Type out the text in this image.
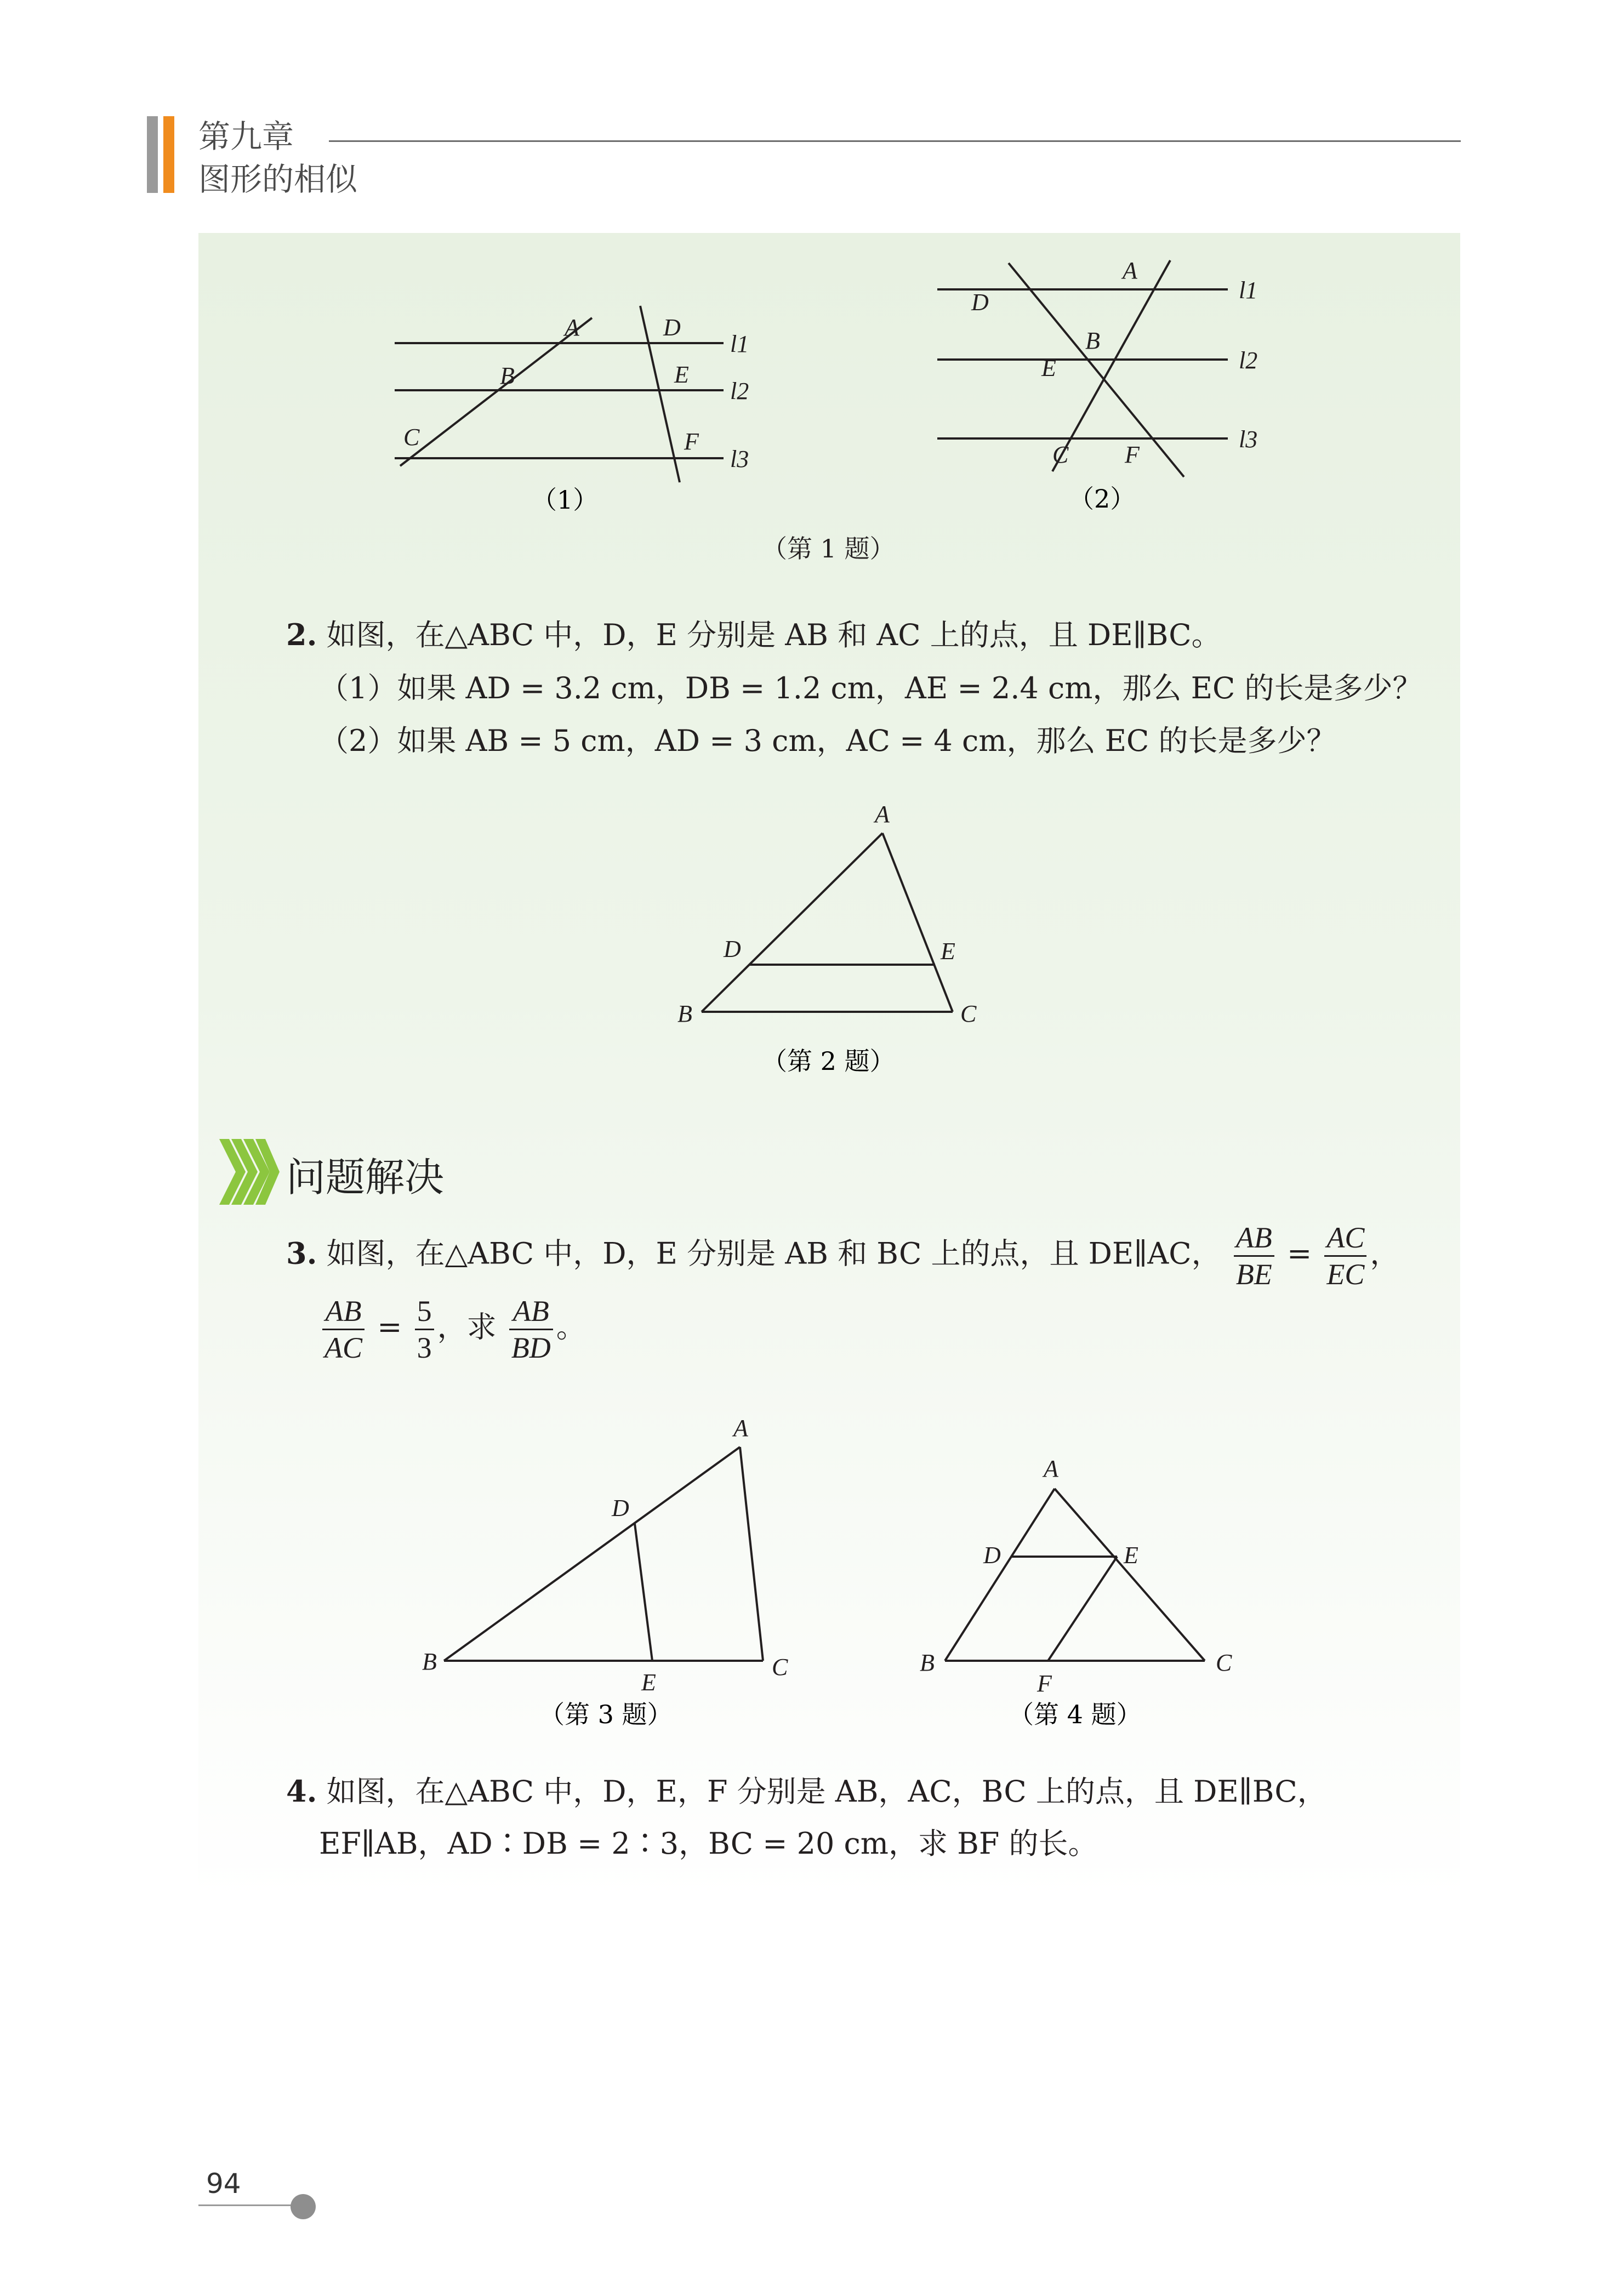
第九章
图形的相似
A
B
C
D
E
F
l1
l2
l3
（1）
A
B
C
D
E
F
l1
l2
l3
（2）
（第 1 题）
2. 如图，在△ABC 中，D，E 分别是 AB 和 AC 上的点，且 DE∥BC。
（1）如果 AD = 3.2 cm，DB = 1.2 cm，AE = 2.4 cm，那么 EC 的长是多少？
（2）如果 AB = 5 cm，AD = 3 cm，AC = 4 cm，那么 EC 的长是多少？
A
B	C
D	E
（第 2 题）
问题解决
3. 如图，在△ABC 中，D，E 分别是 AB 和 BC 上的点，且 DE∥AC， $\frac{AB}{BE} = \frac{AC}{EC}$ ，
$\frac{AB}{AC} = \frac{5}{3}$ ，求 $\frac{AB}{BD}$ 。
A
B	C
D
E
（第 3 题）
A
B	C
D	E
F
（第 4 题）
4. 如图，在△ABC 中，D，E，F 分别是 AB，AC，BC 上的点，且 DE∥BC，
EF∥AB，AD∶DB = 2∶3，BC = 20 cm，求 BF 的长。
94
